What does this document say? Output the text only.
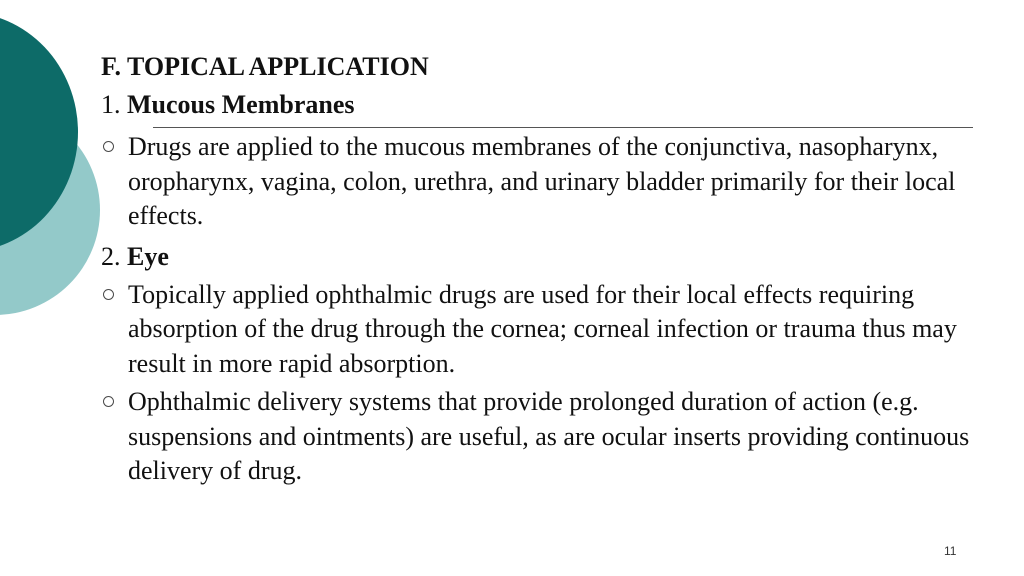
F. TOPICAL APPLICATION
1. Mucous Membranes
Drugs are applied to the mucous membranes of the conjunctiva, nasopharynx, oropharynx, vagina, colon, urethra, and urinary bladder primarily for their local effects.
2. Eye
Topically applied ophthalmic drugs are used for their local effects requiring absorption of the drug through the cornea; corneal infection or trauma thus may result in more rapid absorption.
Ophthalmic delivery systems that provide prolonged duration of action (e.g. suspensions and ointments) are useful, as are ocular inserts providing continuous delivery of drug.
11
